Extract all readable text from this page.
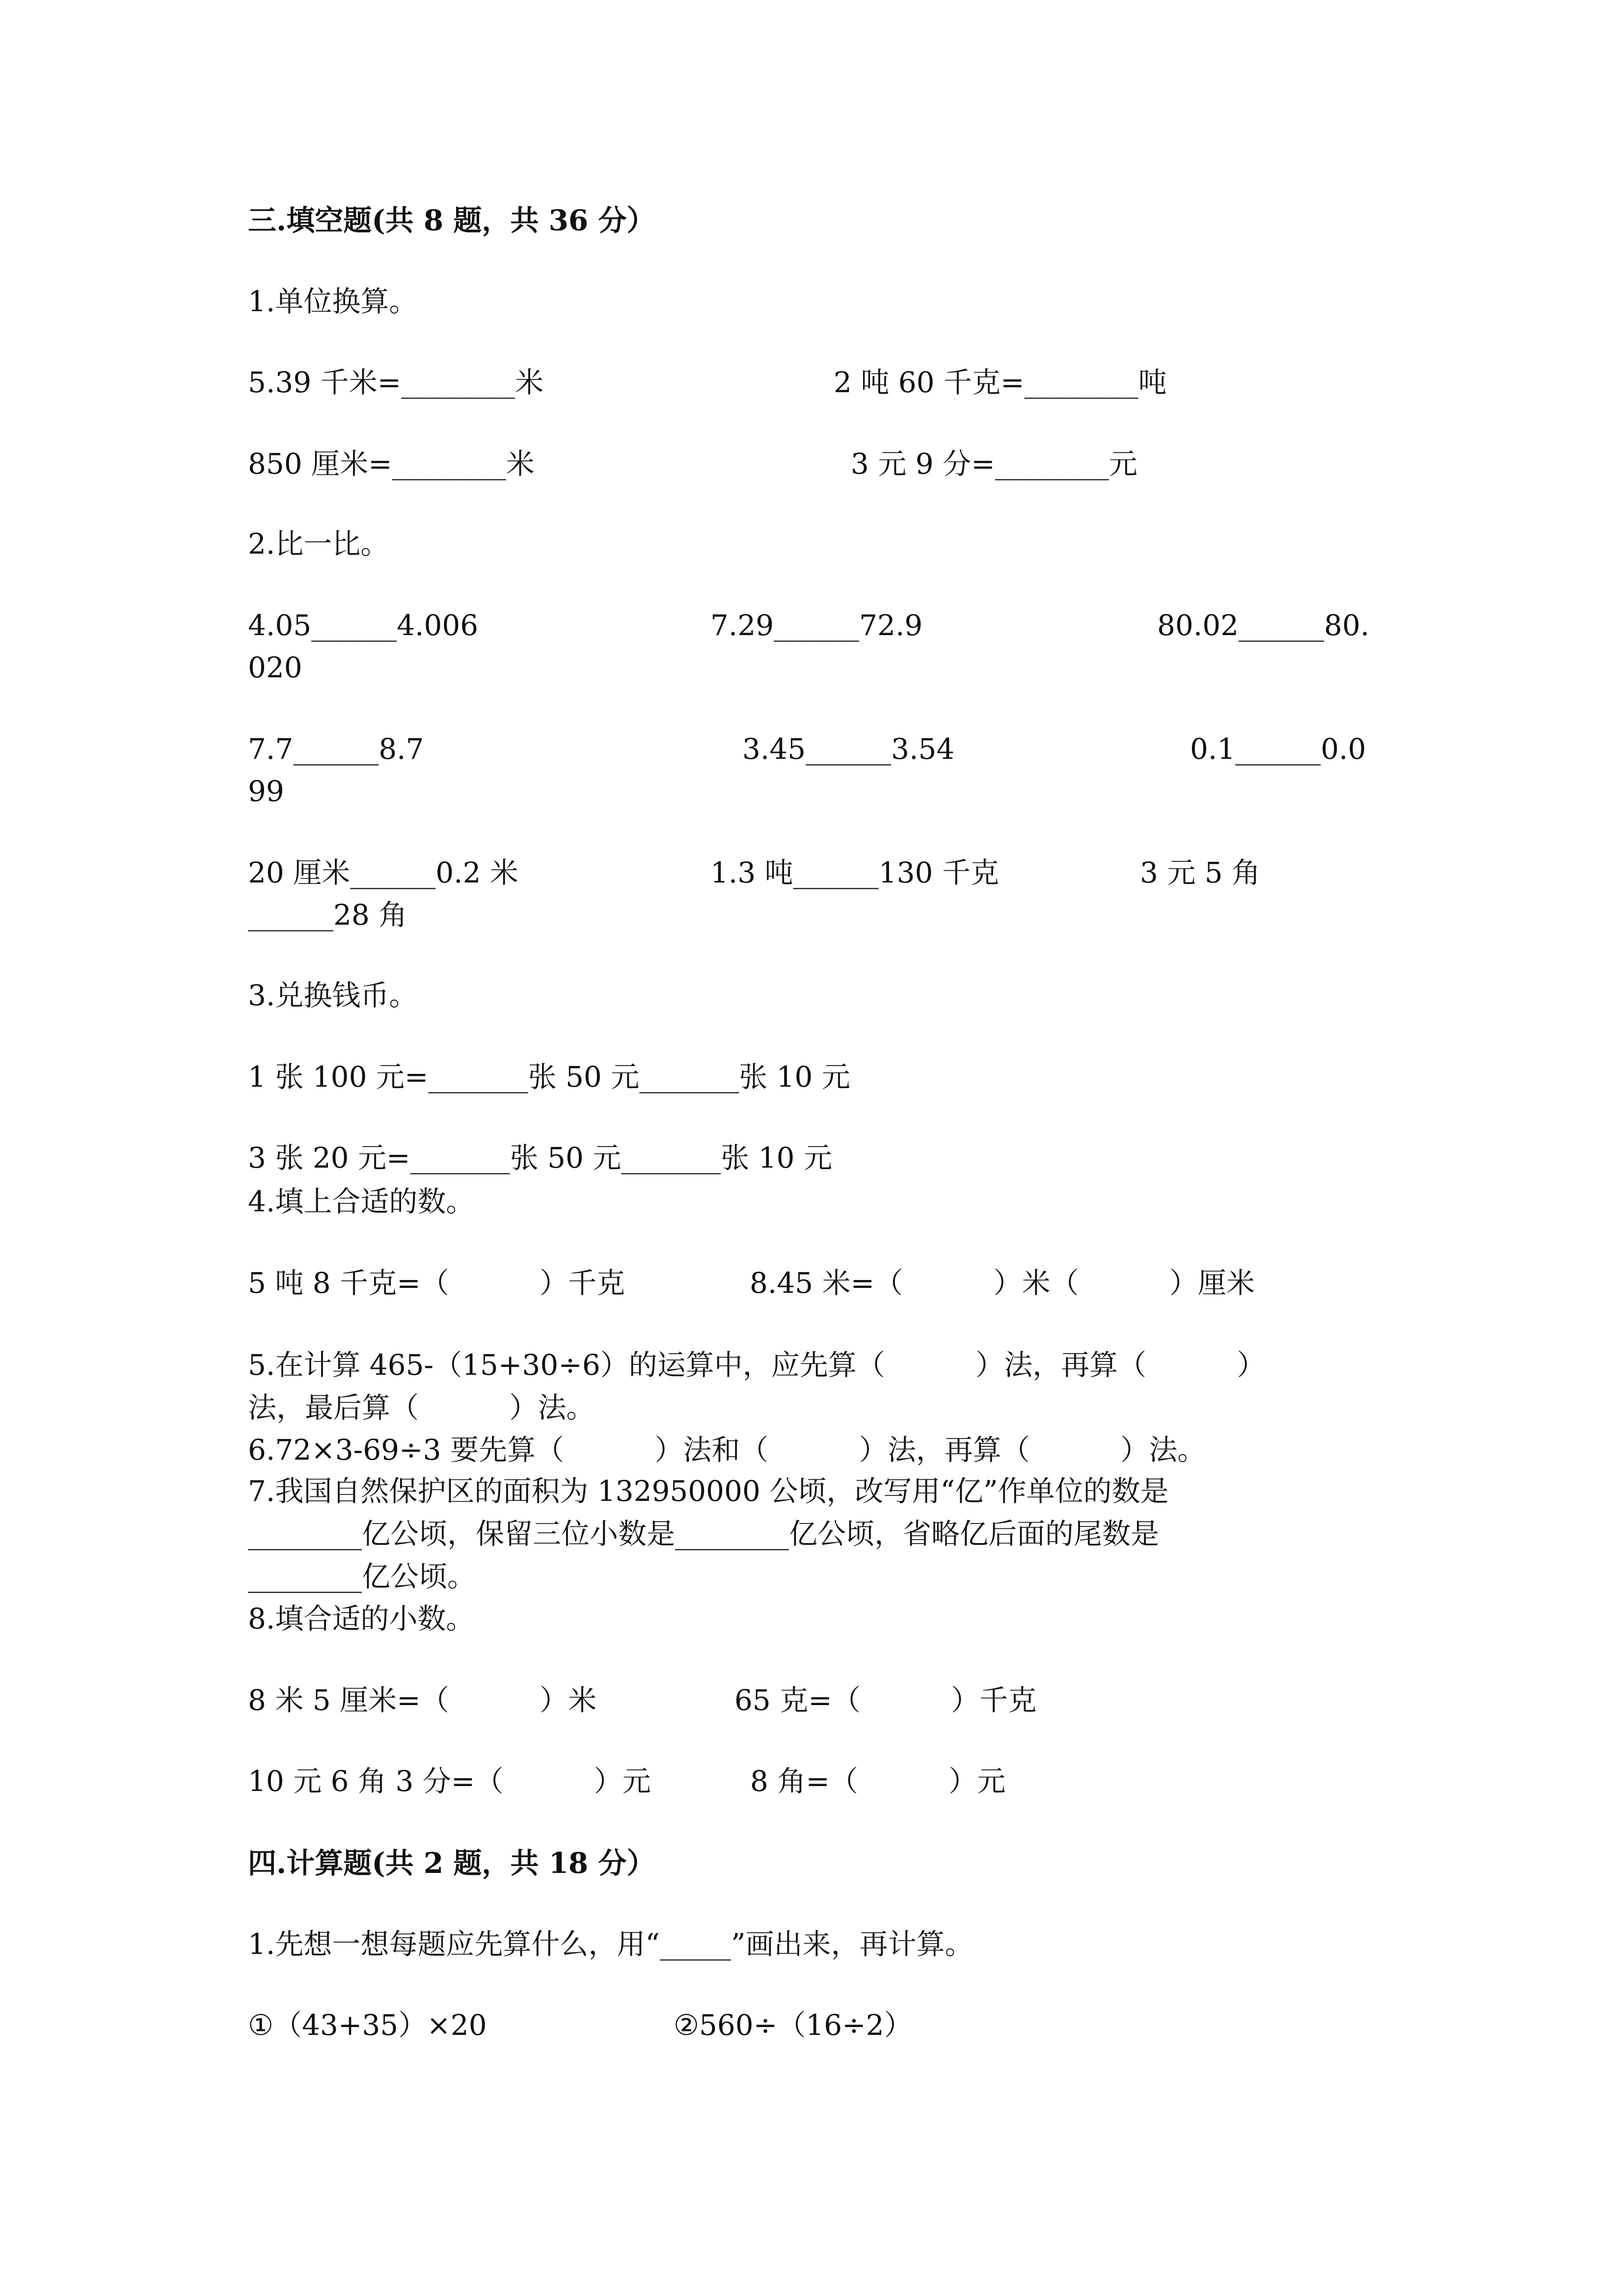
三.填空题(共 8 题，共 36 分）
1.单位换算。
5.39 千米=________米	2 吨 60 千克=________吨
850 厘米=________米	3 元 9 分=________元
2.比一比。
4.05______4.006	7.29______72.9	80.02______80.
020
7.7______8.7	3.45______3.54	0.1______0.0
99
20 厘米______0.2 米	1.3 吨______130 千克	3 元 5 角
______28 角
3.兑换钱币。
1 张 100 元=_______张 50 元_______张 10 元
3 张 20 元=_______张 50 元_______张 10 元
4.填上合适的数。
5 吨 8 千克=（          ）千克	8.45 米=（          ）米（          ）厘米
5.在计算 465-（15+30÷6）的运算中，应先算（          ）法，再算（          ）
法，最后算（          ）法。
6.72×3-69÷3 要先算（          ）法和（          ）法，再算（          ）法。
7.我国自然保护区的面积为 132950000 公顷，改写用“亿”作单位的数是
________亿公顷，保留三位小数是________亿公顷，省略亿后面的尾数是
________亿公顷。
8.填合适的小数。
8 米 5 厘米=（          ）米	65 克=（          ）千克
10 元 6 角 3 分=（          ）元	8 角=（          ）元
四.计算题(共 2 题，共 18 分）
1.先想一想每题应先算什么，用“_____”画出来，再计算。
①（43+35）×20	②560÷（16÷2）
